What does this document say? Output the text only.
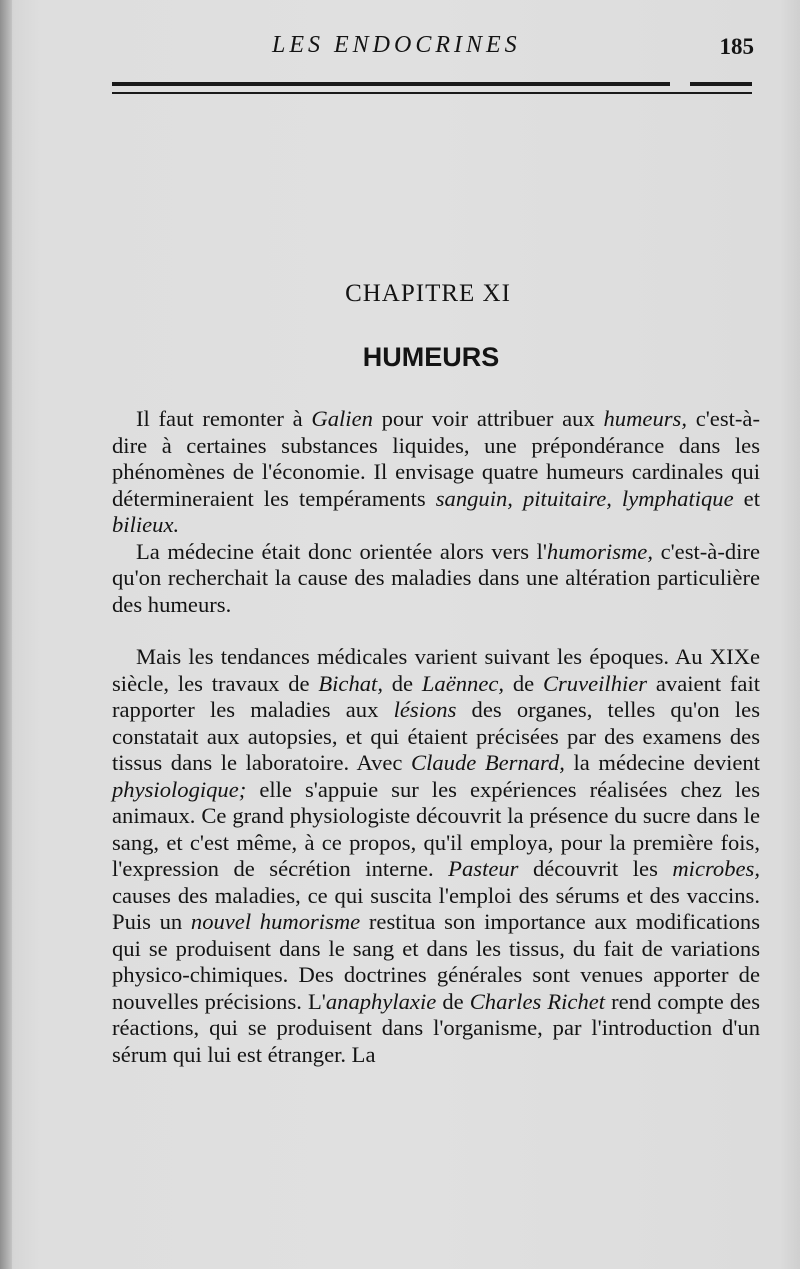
LES ENDOCRINES	185
CHAPITRE XI
HUMEURS

Il faut remonter à Galien pour voir attribuer aux humeurs, c'est-à-dire à certaines substances liquides, une prépondérance dans les phénomènes de l'économie. Il envisage quatre humeurs cardinales qui détermineraient les tempéraments sanguin, pituitaire, lymphatique et bilieux.

La médecine était donc orientée alors vers l'humorisme, c'est-à-dire qu'on recherchait la cause des maladies dans une altération particulière des humeurs.

Mais les tendances médicales varient suivant les époques. Au XIXe siècle, les travaux de Bichat, de Laënnec, de Cruveilhier avaient fait rapporter les maladies aux lésions des organes, telles qu'on les constatait aux autopsies, et qui étaient précisées par des examens des tissus dans le laboratoire. Avec Claude Bernard, la médecine devient physiologique; elle s'appuie sur les expériences réalisées chez les animaux. Ce grand physiologiste découvrit la présence du sucre dans le sang, et c'est même, à ce propos, qu'il employa, pour la première fois, l'expression de sécrétion interne. Pasteur découvrit les microbes, causes des maladies, ce qui suscita l'emploi des sérums et des vaccins. Puis un nouvel humorisme restitua son importance aux modifications qui se produisent dans le sang et dans les tissus, du fait de variations physico-chimiques. Des doctrines générales sont venues apporter de nouvelles précisions. L'anaphylaxie de Charles Richet rend compte des réactions, qui se produisent dans l'organisme, par l'introduction d'un sérum qui lui est étranger. La
